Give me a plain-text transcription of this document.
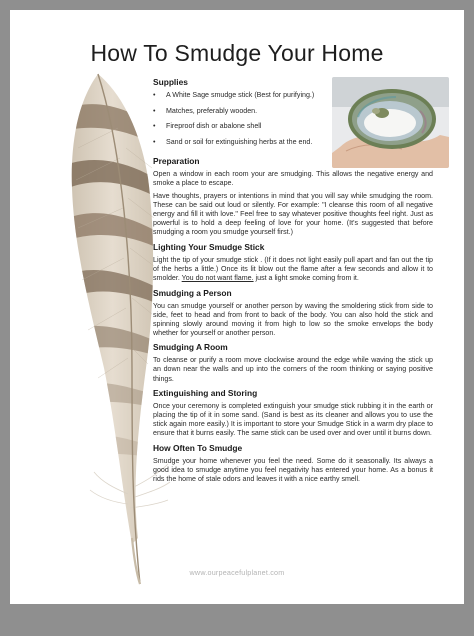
How To Smudge Your Home
Supplies
• A White Sage smudge stick (Best for purifying.)
• Matches, preferably wooden.
• Fireproof dish or abalone shell
• Sand or soil for extinguishing herbs at the end.
Preparation

Open a window in each room your are smudging. This allows the negative energy and smoke a place to escape.

Have thoughts, prayers or intentions in mind that you will say while smudging the room. These can be said out loud or silently. For example: "I cleanse this room of all negative energy and fill it with love." Feel free to say whatever positive thoughts feel right. Just as powerful is to hold a deep feeling of love for your home. (It's suggested that before smudging a room you smudge yourself first.)

Lighting Your Smudge Stick

Light the tip of your smudge stick . (If it does not light easily pull apart and fan out the tip of the herbs a little.) Once its lit blow out the flame after a few seconds and allow it to smolder. You do not want flame. just a light smoke coming from it.

Smudging a Person

You can smudge yourself or another person by waving the smoldering stick from side to side, feet to head and from front to back of the body. You can also hold the stick and spinning slowly around moving it from high to low so the smoke envelops the body whether for yourself or another person.

Smudging A Room

To cleanse or purify a room move clockwise around the edge while waving the stick up an down near the walls and up into the corners of the room thinking or saying positive things.

Extinguishing and Storing

Once your ceremony is completed extinguish your smudge stick rubbing it in the earth or placing the tip of it in some sand. (Sand is best as its cleaner and allows you to use the stick again more easily.) It is important to store your Smudge Stick in a warm dry place to ensure that it burns easily. The same stick can be used over and over until it burns down.

How Often To Smudge

Smudge your home whenever you feel the need. Some do it seasonally. Its always a good idea to smudge anytime you feel negativity has entered your home. As a bonus it rids the home of stale odors and leaves it with a nice earthy smell.

www.ourpeacefulplanet.com
